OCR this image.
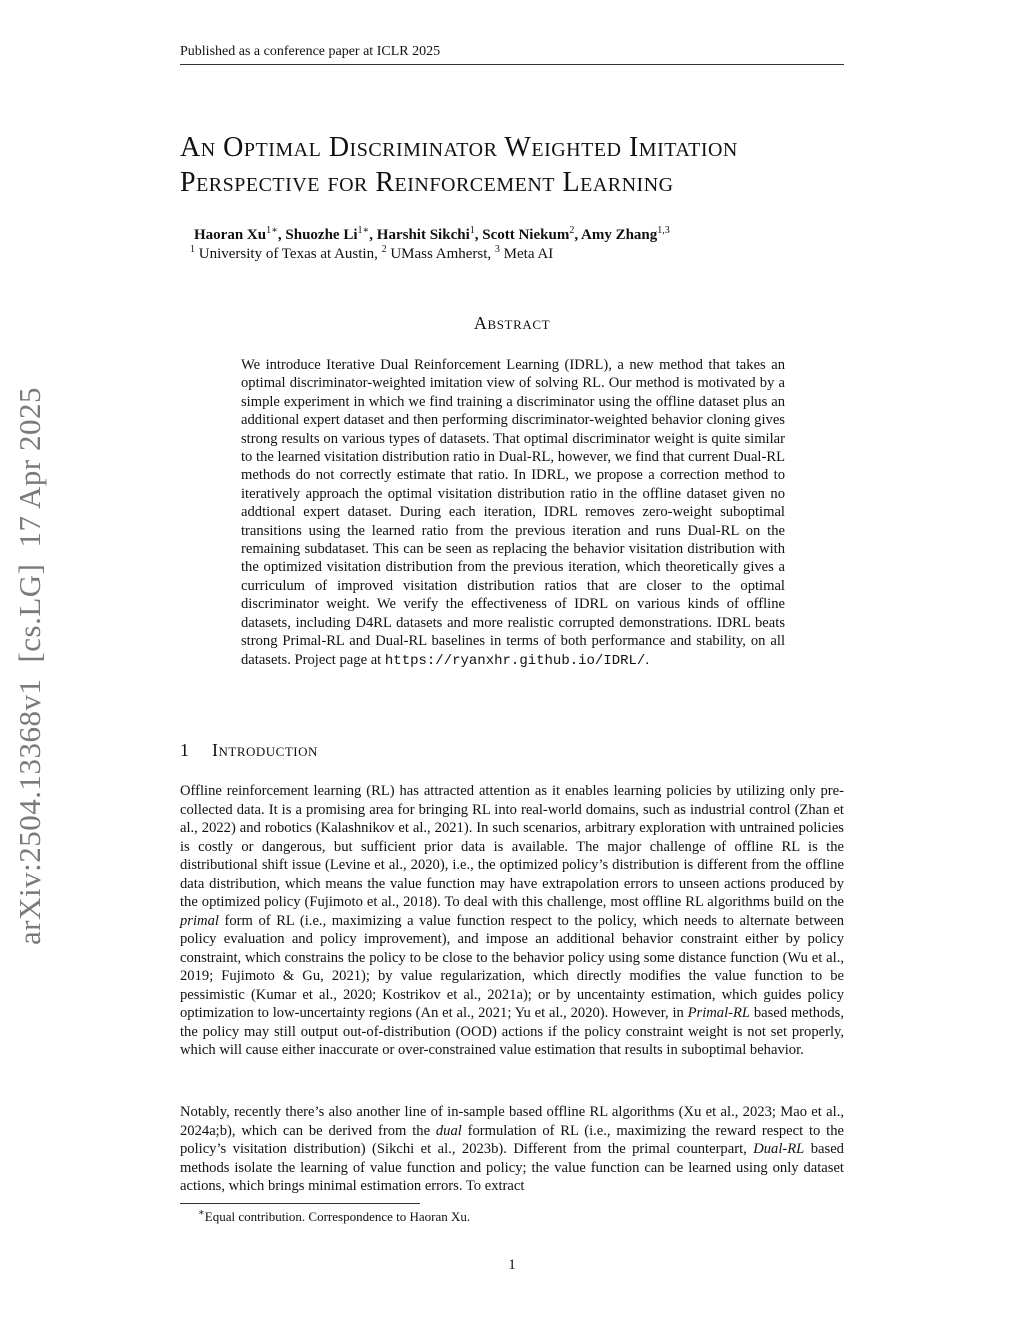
Published as a conference paper at ICLR 2025
arXiv:2504.13368v1
[cs.LG]
17 Apr 2025
An Optimal Discriminator Weighted Imitation
Perspective for Reinforcement Learning
Haoran $Xu^{1∗}$, Shuozhe $Li^{1∗}$, Harshit Sikchi$^1$, Scott Niekum$^2$, Amy Zhang$^{1,3}$
$^1$ University of Texas at Austin, $^2$ UMass Amherst, $^3$ Meta AI
Abstract
We introduce Iterative Dual Reinforcement Learning (IDRL), a new method that takes an optimal discriminator-weighted imitation view of solving RL. Our method is motivated by a simple experiment in which we find training a discriminator using the offline dataset plus an additional expert dataset and then performing discriminator-weighted behavior cloning gives strong results on various types of datasets. That optimal discriminator weight is quite similar to the learned visitation distribution ratio in Dual-RL, however, we find that current Dual-RL methods do not correctly estimate that ratio. In IDRL, we propose a correction method to iteratively approach the optimal visitation distribution ratio in the offline dataset given no addtional expert dataset. During each iteration, IDRL removes zero-weight suboptimal transitions using the learned ratio from the previous iteration and runs Dual-RL on the remaining subdataset. This can be seen as replacing the behavior visitation distribution with the optimized visitation distribution from the previous iteration, which theoretically gives a curriculum of improved visitation distribution ratios that are closer to the optimal discriminator weight. We verify the effectiveness of IDRL on various kinds of offline datasets, including D4RL datasets and more realistic corrupted demonstrations. IDRL beats strong Primal-RL and Dual-RL baselines in terms of both performance and stability, on all datasets. Project page at https://ryanxhr.github.io/IDRL/.
1 Introduction
Offline reinforcement learning (RL) has attracted attention as it enables learning policies by utilizing only pre-collected data. It is a promising area for bringing RL into real-world domains, such as industrial control (Zhan et al., 2022) and robotics (Kalashnikov et al., 2021). In such scenarios, arbitrary exploration with untrained policies is costly or dangerous, but sufficient prior data is available. The major challenge of offline RL is the distributional shift issue (Levine et al., 2020), i.e., the optimized policy’s distribution is different from the offline data distribution, which means the value function may have extrapolation errors to unseen actions produced by the optimized policy (Fujimoto et al., 2018). To deal with this challenge, most offline RL algorithms build on the primal form of RL (i.e., maximizing a value function respect to the policy, which needs to alternate between policy evaluation and policy improvement), and impose an additional behavior constraint either by policy constraint, which constrains the policy to be close to the behavior policy using some distance function (Wu et al., 2019; Fujimoto & Gu, 2021); by value regularization, which directly modifies the value function to be pessimistic (Kumar et al., 2020; Kostrikov et al., 2021a); or by uncentainty estimation, which guides policy optimization to low-uncertainty regions (An et al., 2021; Yu et al., 2020). However, in Primal-RL based methods, the policy may still output out-of-distribution (OOD) actions if the policy constraint weight is not set properly, which will cause either inaccurate or over-constrained value estimation that results in suboptimal behavior.
Notably, recently there’s also another line of in-sample based offline RL algorithms (Xu et al., 2023; Mao et al., 2024a;b), which can be derived from the dual formulation of RL (i.e., maximizing the reward respect to the policy’s visitation distribution) (Sikchi et al., 2023b). Different from the primal counterpart, Dual-RL based methods isolate the learning of value function and policy; the value function can be learned using only dataset actions, which brings minimal estimation errors. To extract
∗Equal contribution. Correspondence to Haoran Xu.
1
